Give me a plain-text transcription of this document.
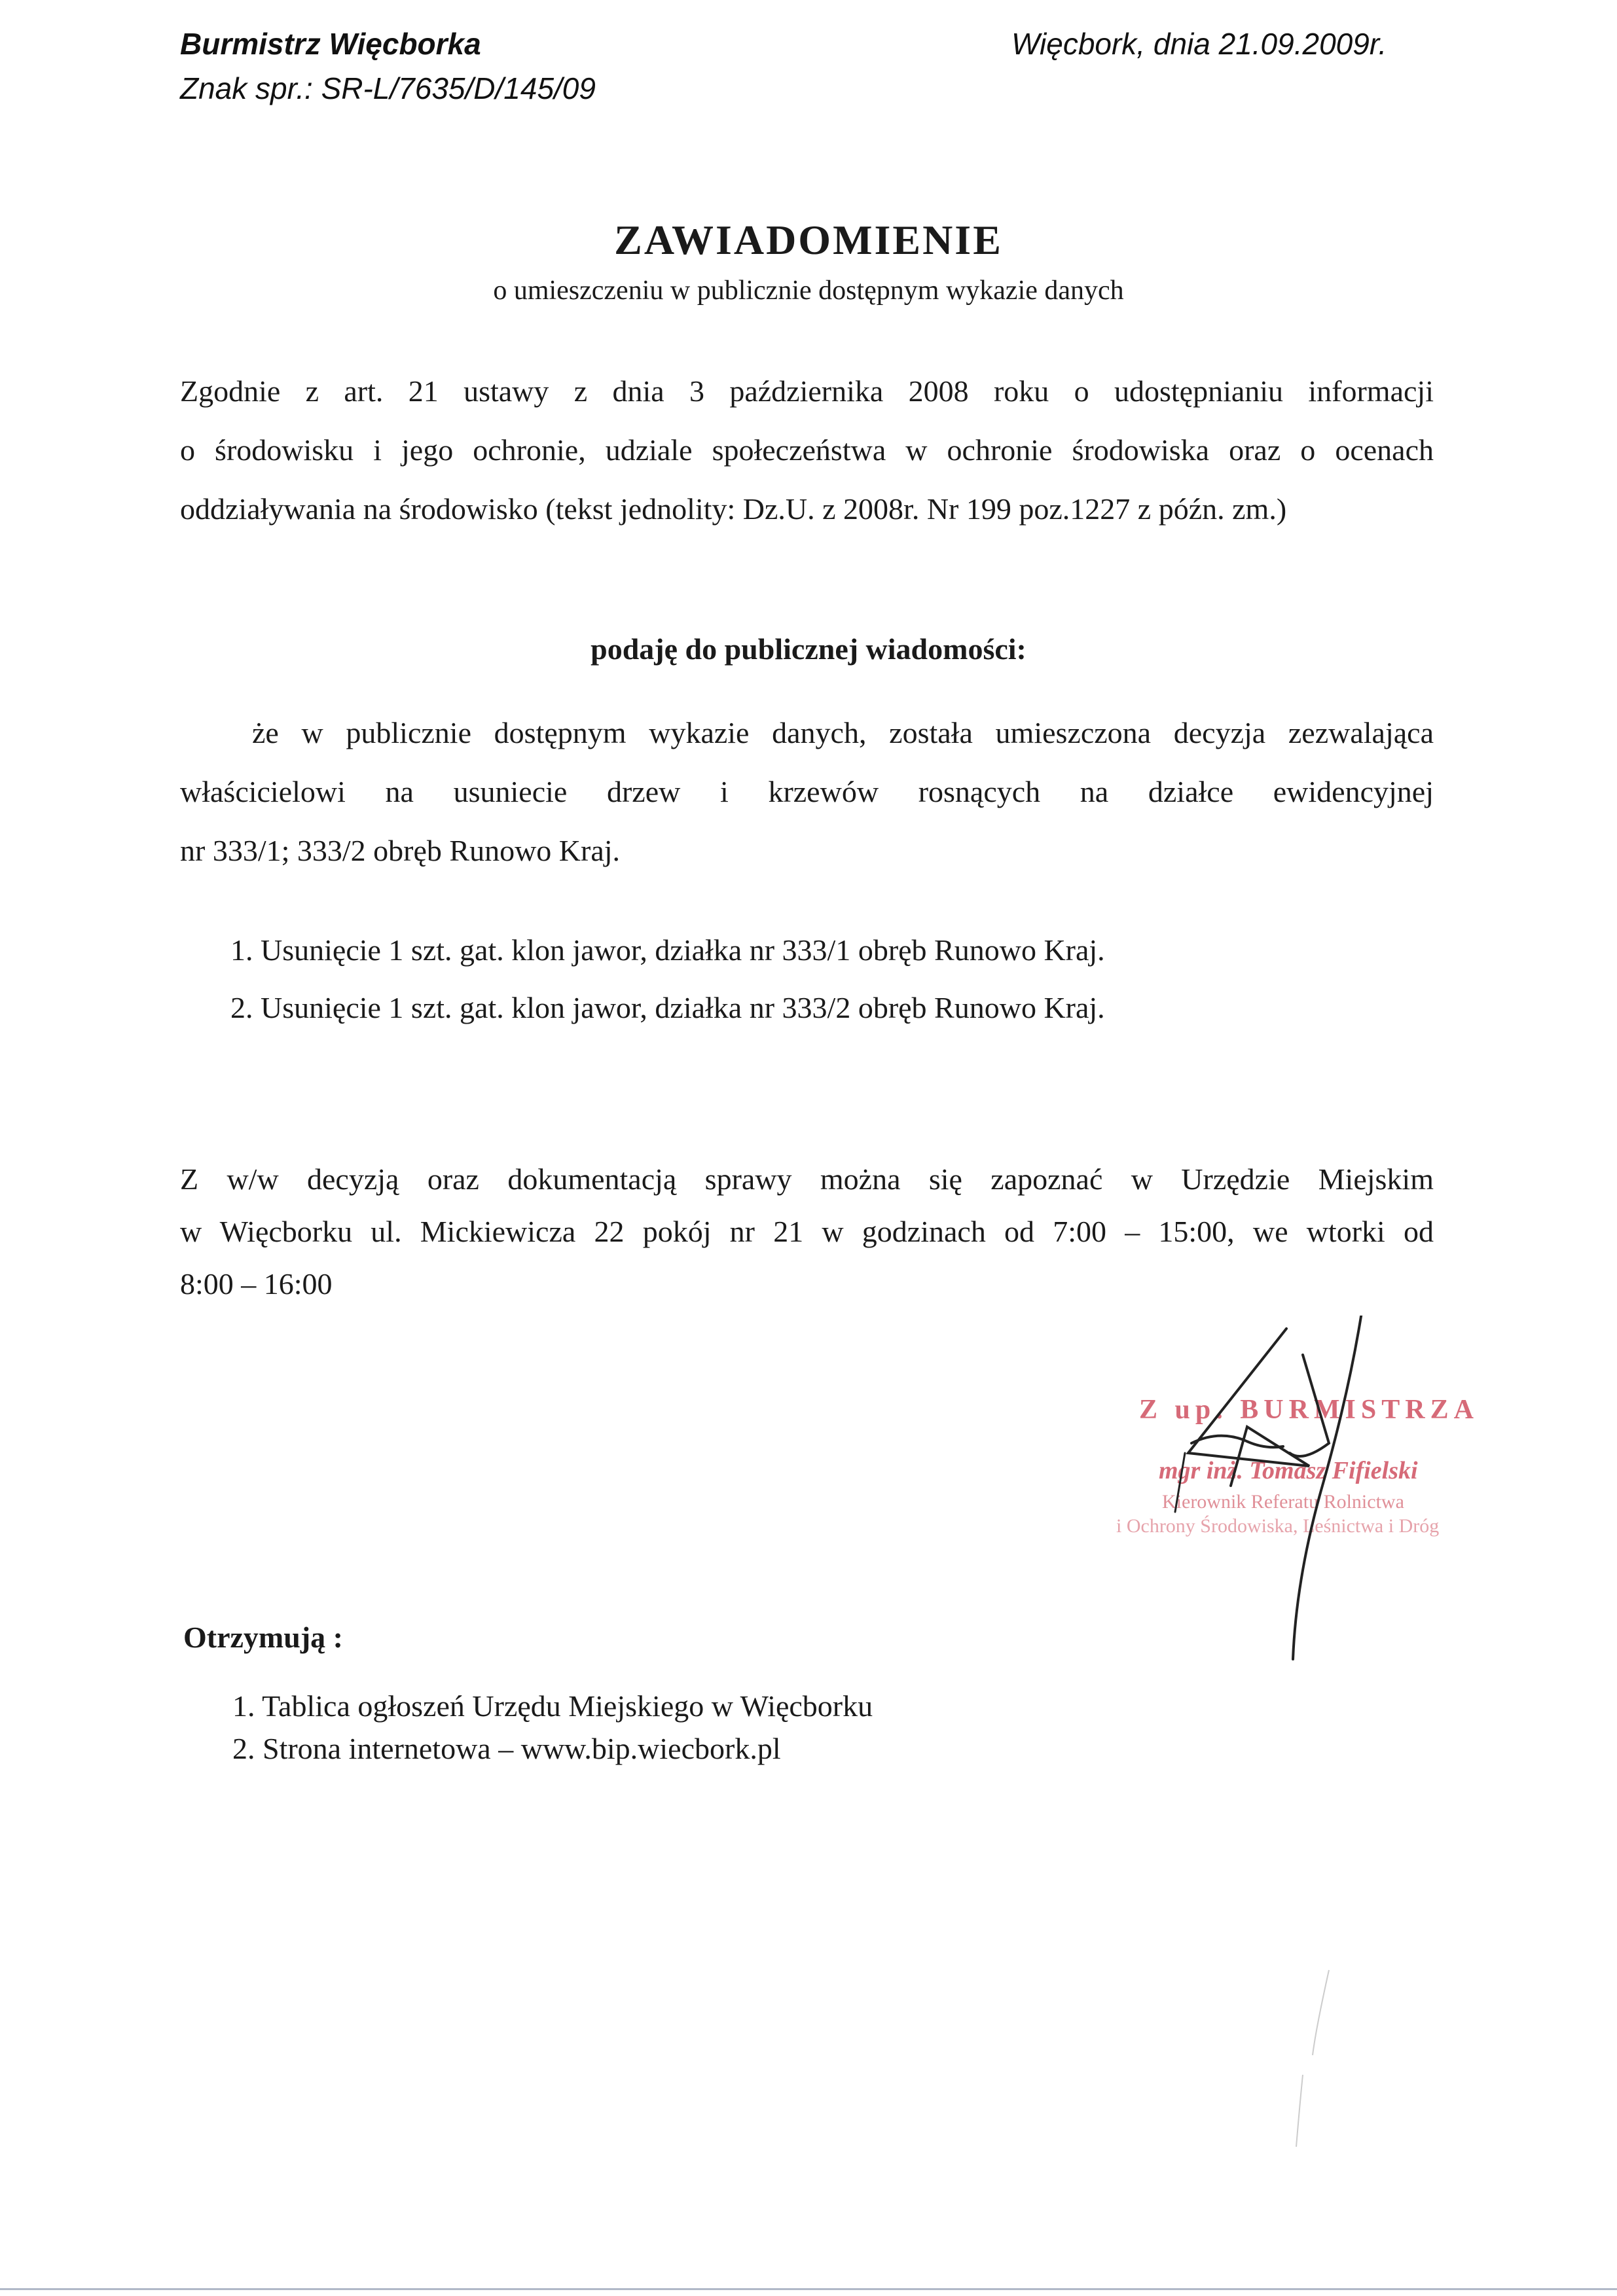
Burmistrz Więcborka
Znak spr.: SR-L/7635/D/145/09
Więcbork, dnia 21.09.2009r.
ZAWIADOMIENIE
o umieszczeniu w publicznie dostępnym wykazie danych
Zgodnie z art. 21 ustawy z dnia 3 października 2008 roku o udostępnianiu informacji
o środowisku i jego ochronie, udziale społeczeństwa w ochronie środowiska oraz o ocenach
oddziaływania na środowisko (tekst jednolity: Dz.U. z 2008r. Nr 199 poz.1227 z późn. zm.)
podaję do publicznej wiadomości:
że w publicznie dostępnym wykazie danych, została umieszczona decyzja zezwalająca
właścicielowi na usuniecie drzew i krzewów rosnących na działce ewidencyjnej
nr 333/1; 333/2 obręb Runowo Kraj.
1. Usunięcie 1 szt. gat. klon jawor, działka nr 333/1 obręb Runowo Kraj.
2. Usunięcie 1 szt. gat. klon jawor, działka nr 333/2 obręb Runowo Kraj.
Z w/w decyzją oraz dokumentacją sprawy można się zapoznać w Urzędzie Miejskim
w Więcborku ul. Mickiewicza 22 pokój nr 21 w godzinach od 7:00 – 15:00, we wtorki od
8:00 – 16:00
Z up. BURMISTRZA
mgr inż. Tomasz Fifielski
Kierownik Referatu Rolnictwa
i Ochrony Środowiska, Leśnictwa i Dróg
Otrzymują :
1. Tablica ogłoszeń Urzędu Miejskiego w Więcborku
2. Strona internetowa – www.bip.wiecbork.pl
